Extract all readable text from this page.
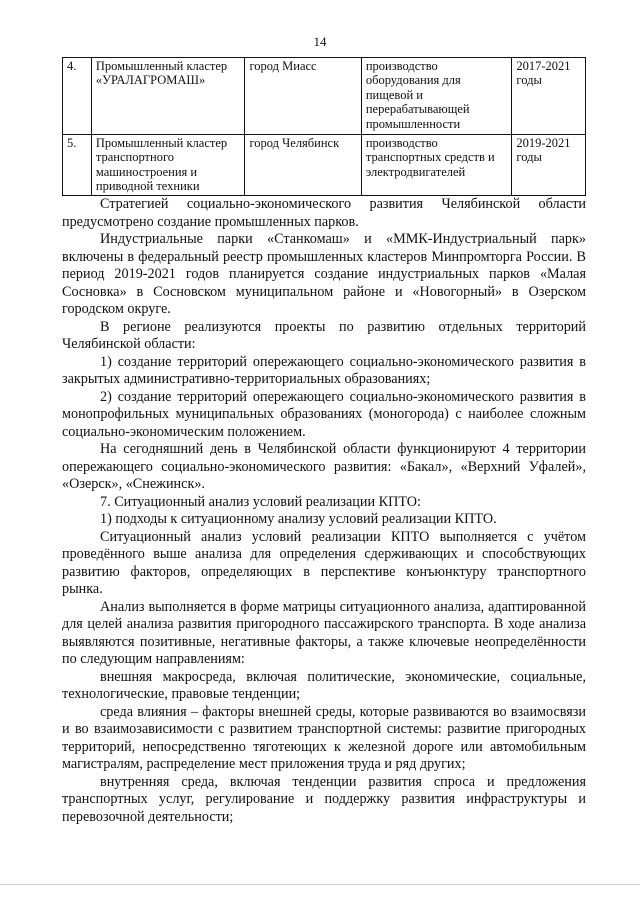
14
4.	Промышленный кластер «УРАЛАГРОМАШ»	город Миасс	производство оборудования для пищевой и перерабатывающей промышленности	2017-2021 годы
5.	Промышленный кластер транспортного машиностроения и приводной техники	город Челябинск	производство транспортных средств и электродвигателей	2019-2021 годы

Стратегией социально-экономического развития Челябинской области предусмотрено создание промышленных парков.

Индустриальные парки «Станкомаш» и «ММК-Индустриальный парк» включены в федеральный реестр промышленных кластеров Минпромторга России. В период 2019-2021 годов планируется создание индустриальных парков «Малая Сосновка» в Сосновском муниципальном районе и «Новогорный» в Озерском городском округе.

В регионе реализуются проекты по развитию отдельных территорий Челябинской области:

1) создание территорий опережающего социально-экономического развития в закрытых административно-территориальных образованиях;

2) создание территорий опережающего социально-экономического развития в монопрофильных муниципальных образованиях (моногорода) с наиболее сложным социально-экономическим положением.

На сегодняшний день в Челябинской области функционируют 4 территории опережающего социально-экономического развития: «Бакал», «Верхний Уфалей», «Озерск», «Снежинск».

7. Ситуационный анализ условий реализации КПТО:

1) подходы к ситуационному анализу условий реализации КПТО.

Ситуационный анализ условий реализации КПТО выполняется с учётом проведённого выше анализа для определения сдерживающих и способствующих развитию факторов, определяющих в перспективе конъюнктуру транспортного рынка.

Анализ выполняется в форме матрицы ситуационного анализа, адаптированной для целей анализа развития пригородного пассажирского транспорта. В ходе анализа выявляются позитивные, негативные факторы, а также ключевые неопределённости по следующим направлениям:

внешняя макросреда, включая политические, экономические, социальные, технологические, правовые тенденции;

среда влияния – факторы внешней среды, которые развиваются во взаимосвязи и во взаимозависимости с развитием транспортной системы: развитие пригородных территорий, непосредственно тяготеющих к железной дороге или автомобильным магистралям, распределение мест приложения труда и ряд других;

внутренняя среда, включая тенденции развития спроса и предложения транспортных услуг, регулирование и поддержку развития инфраструктуры и перевозочной деятельности;
